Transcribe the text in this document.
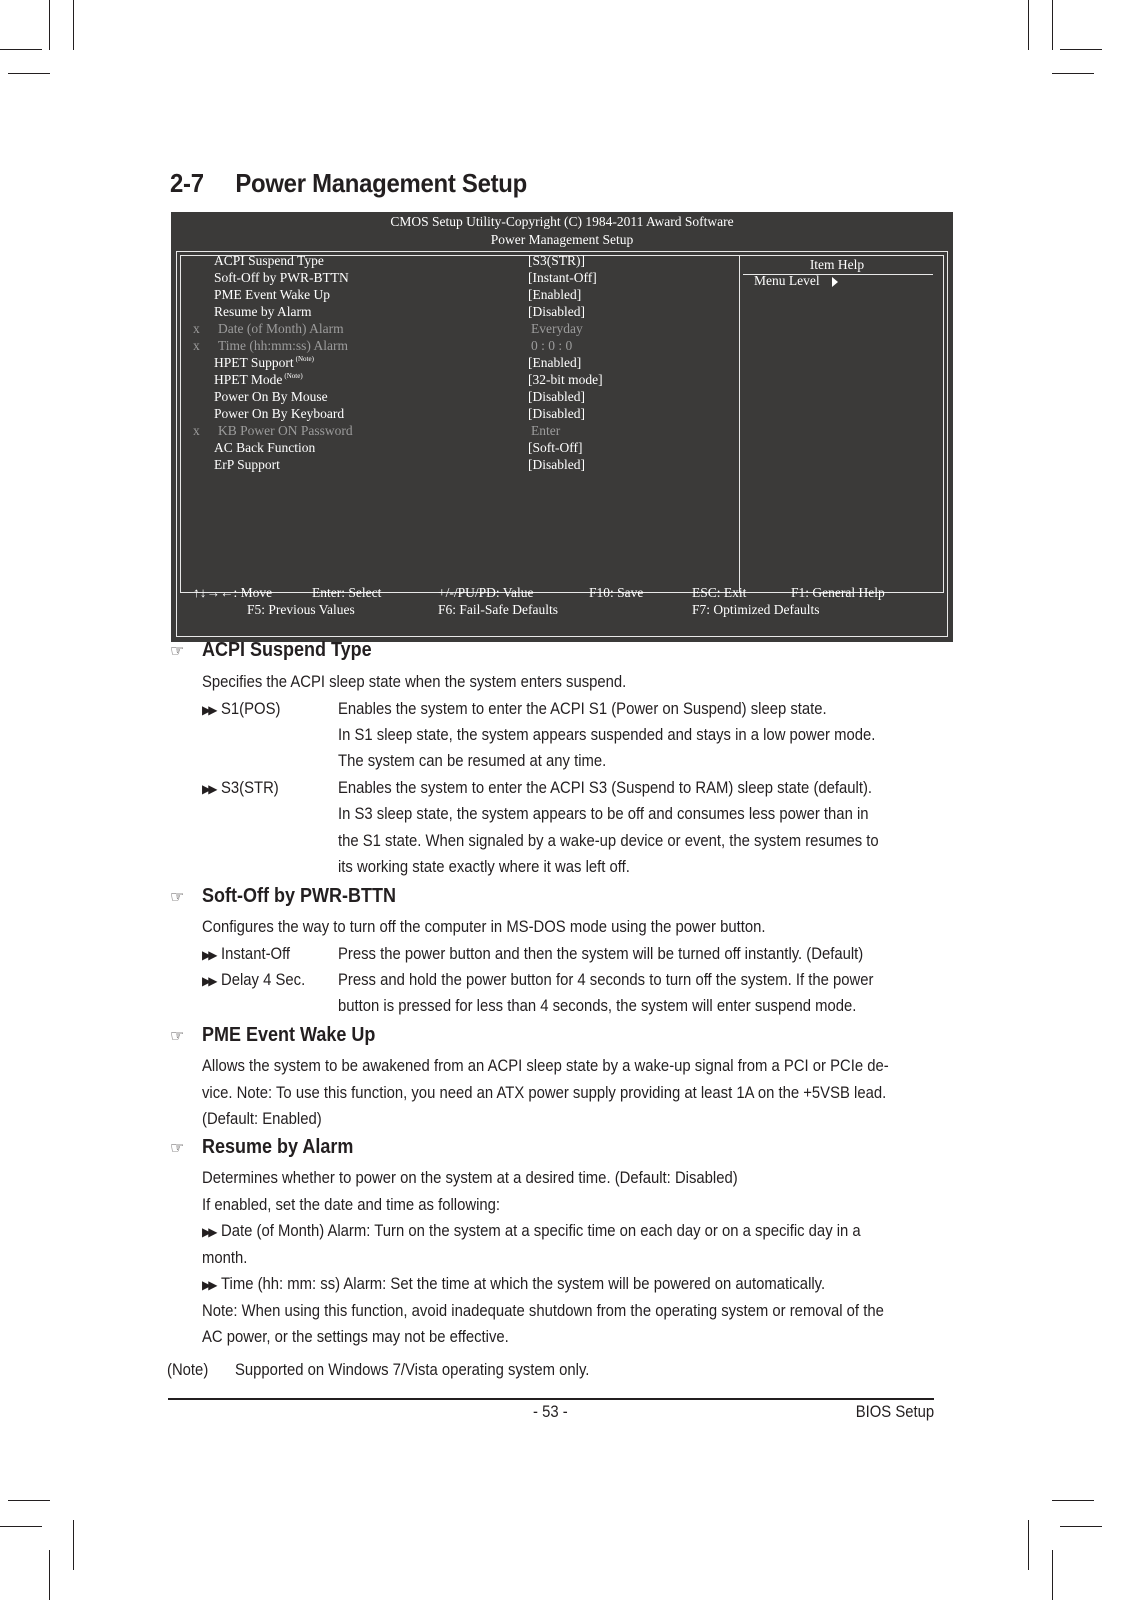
2-7 Power Management Setup
CMOS Setup Utility-Copyright (C) 1984-2011 Award Software
Power Management Setup
Item Help
Menu Level
ACPI Suspend Type	[S3(STR)]
Soft-Off by PWR-BTTN	[Instant-Off]
PME Event Wake Up	[Enabled]
Resume by Alarm	[Disabled]
x Date (of Month) Alarm	Everyday
x Time (hh:mm:ss) Alarm	0 : 0 : 0
HPET Support $^{(Note)}$	[Enabled]
HPET Mode $^{(Note)}$	[32-bit mode]
Power On By Mouse	[Disabled]
Power On By Keyboard	[Disabled]
x KB Power ON Password	Enter
AC Back Function	[Soft-Off]
ErP Support	[Disabled]
↑↓→←: Move	Enter: Select	+/-/PU/PD: Value	F10: Save	ESC: Exit	F1: General Help
F5: Previous Values	F6: Fail-Safe Defaults	F7: Optimized Defaults
☞ ACPI Suspend Type
Specifies the ACPI sleep state when the system enters suspend.
▶▶ S1(POS)	Enables the system to enter the ACPI S1 (Power on Suspend) sleep state.
In S1 sleep state, the system appears suspended and stays in a low power mode.
The system can be resumed at any time.
▶▶ S3(STR)	Enables the system to enter the ACPI S3 (Suspend to RAM) sleep state (default).
In S3 sleep state, the system appears to be off and consumes less power than in
the S1 state. When signaled by a wake-up device or event, the system resumes to
its working state exactly where it was left off.
☞ Soft-Off by PWR-BTTN
Configures the way to turn off the computer in MS-DOS mode using the power button.
▶▶ Instant-Off	Press the power button and then the system will be turned off instantly. (Default)
▶▶ Delay 4 Sec.	Press and hold the power button for 4 seconds to turn off the system. If the power
button is pressed for less than 4 seconds, the system will enter suspend mode.
☞ PME Event Wake Up
Allows the system to be awakened from an ACPI sleep state by a wake-up signal from a PCI or PCIe de-
vice. Note: To use this function, you need an ATX power supply providing at least 1A on the +5VSB lead.
(Default: Enabled)
☞ Resume by Alarm
Determines whether to power on the system at a desired time. (Default: Disabled)
If enabled, set the date and time as following:
▶▶ Date (of Month) Alarm: Turn on the system at a specific time on each day or on a specific day in a
month.
▶▶ Time (hh: mm: ss) Alarm: Set the time at which the system will be powered on automatically.
Note: When using this function, avoid inadequate shutdown from the operating system or removal of the
AC power, or the settings may not be effective.
(Note) Supported on Windows 7/Vista operating system only.
- 53 -	BIOS Setup
